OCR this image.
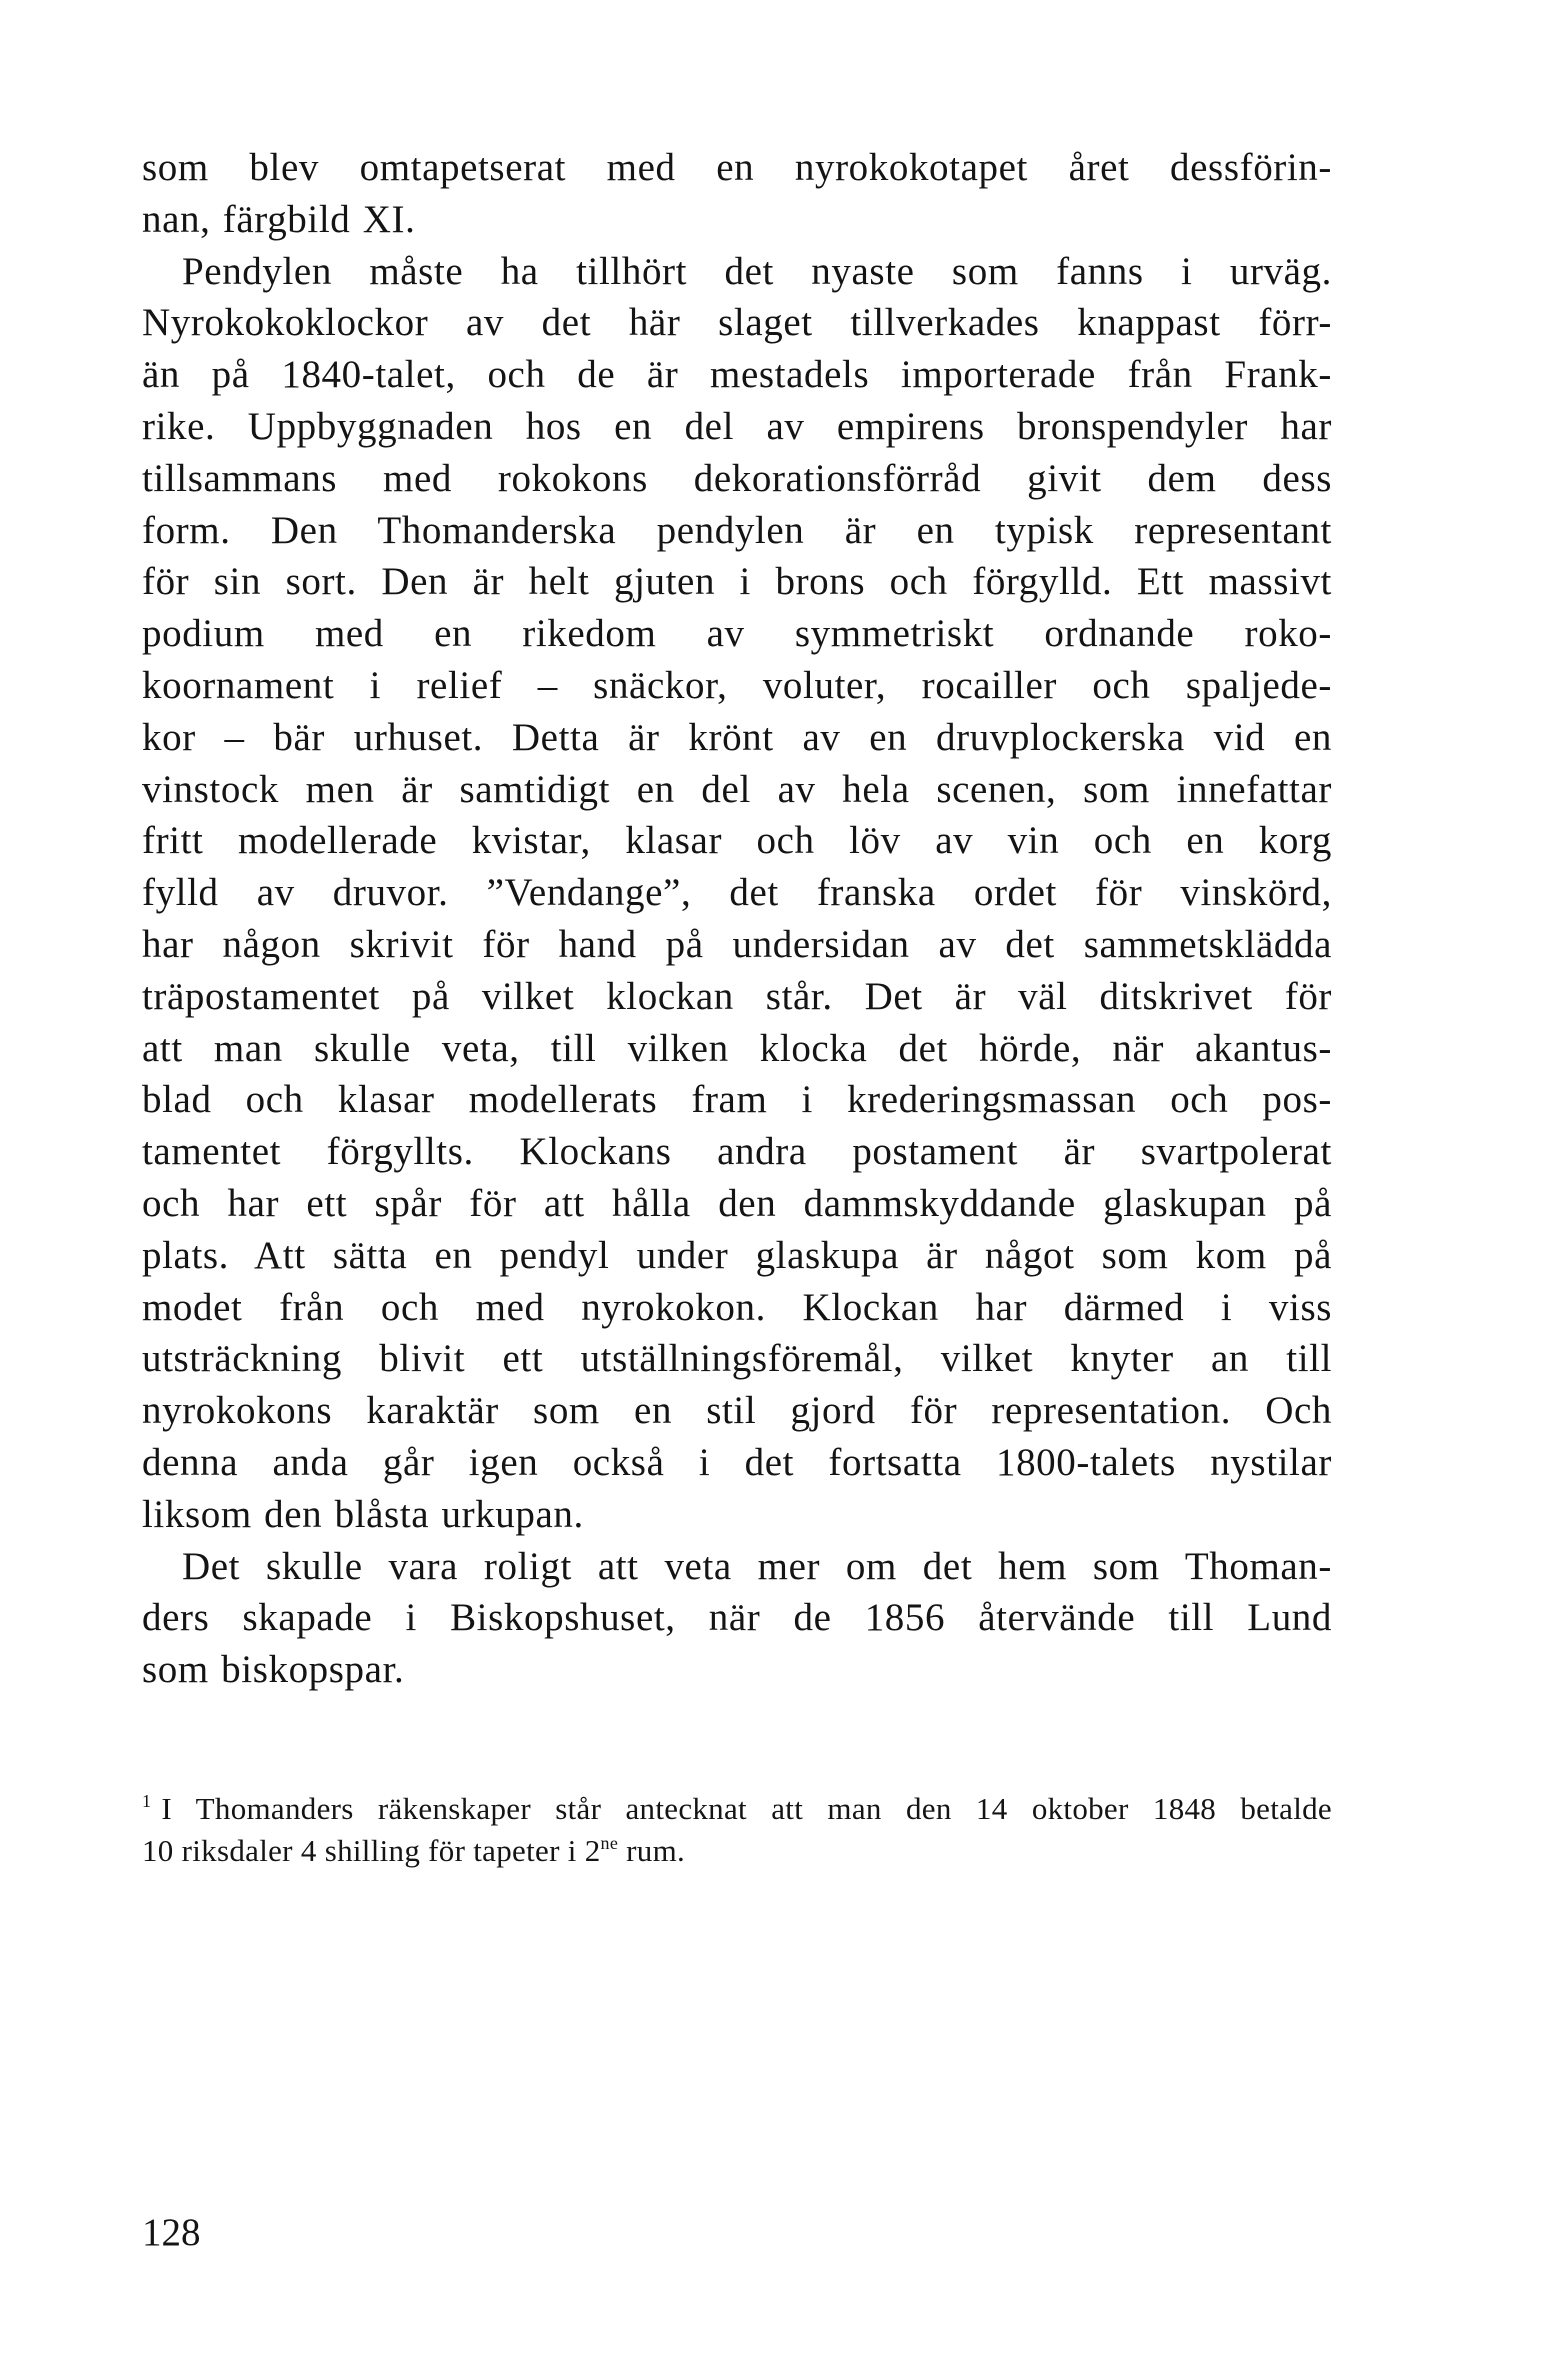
som blev omtapetserat med en nyrokokotapet året dessförin-
nan, färgbild XI.

Pendylen måste ha tillhört det nyaste som fanns i urväg.
Nyrokokoklockor av det här slaget tillverkades knappast förr-
än på 1840-talet, och de är mestadels importerade från Frank-
rike. Uppbyggnaden hos en del av empirens bronspendyler har
tillsammans med rokokons dekorationsförråd givit dem dess
form. Den Thomanderska pendylen är en typisk representant
för sin sort. Den är helt gjuten i brons och förgylld. Ett massivt
podium med en rikedom av symmetriskt ordnande roko-
koornament i relief – snäckor, voluter, rocailler och spaljede-
kor – bär urhuset. Detta är krönt av en druvplockerska vid en
vinstock men är samtidigt en del av hela scenen, som innefattar
fritt modellerade kvistar, klasar och löv av vin och en korg
fylld av druvor. ”Vendange”, det franska ordet för vinskörd,
har någon skrivit för hand på undersidan av det sammetsklädda
träpostamentet på vilket klockan står. Det är väl ditskrivet för
att man skulle veta, till vilken klocka det hörde, när akantus-
blad och klasar modellerats fram i krederingsmassan och pos-
tamentet förgyllts. Klockans andra postament är svartpolerat
och har ett spår för att hålla den dammskyddande glaskupan på
plats. Att sätta en pendyl under glaskupa är något som kom på
modet från och med nyrokokon. Klockan har därmed i viss
utsträckning blivit ett utställningsföremål, vilket knyter an till
nyrokokons karaktär som en stil gjord för representation. Och
denna anda går igen också i det fortsatta 1800-talets nystilar
liksom den blåsta urkupan.

Det skulle vara roligt att veta mer om det hem som Thoman-
ders skapade i Biskopshuset, när de 1856 återvände till Lund
som biskopspar.

$^1$ I Thomanders räkenskaper står antecknat att man den 14 oktober 1848 betalde
10 riksdaler 4 shilling för tapeter i $2^{ne}$ rum.
128
